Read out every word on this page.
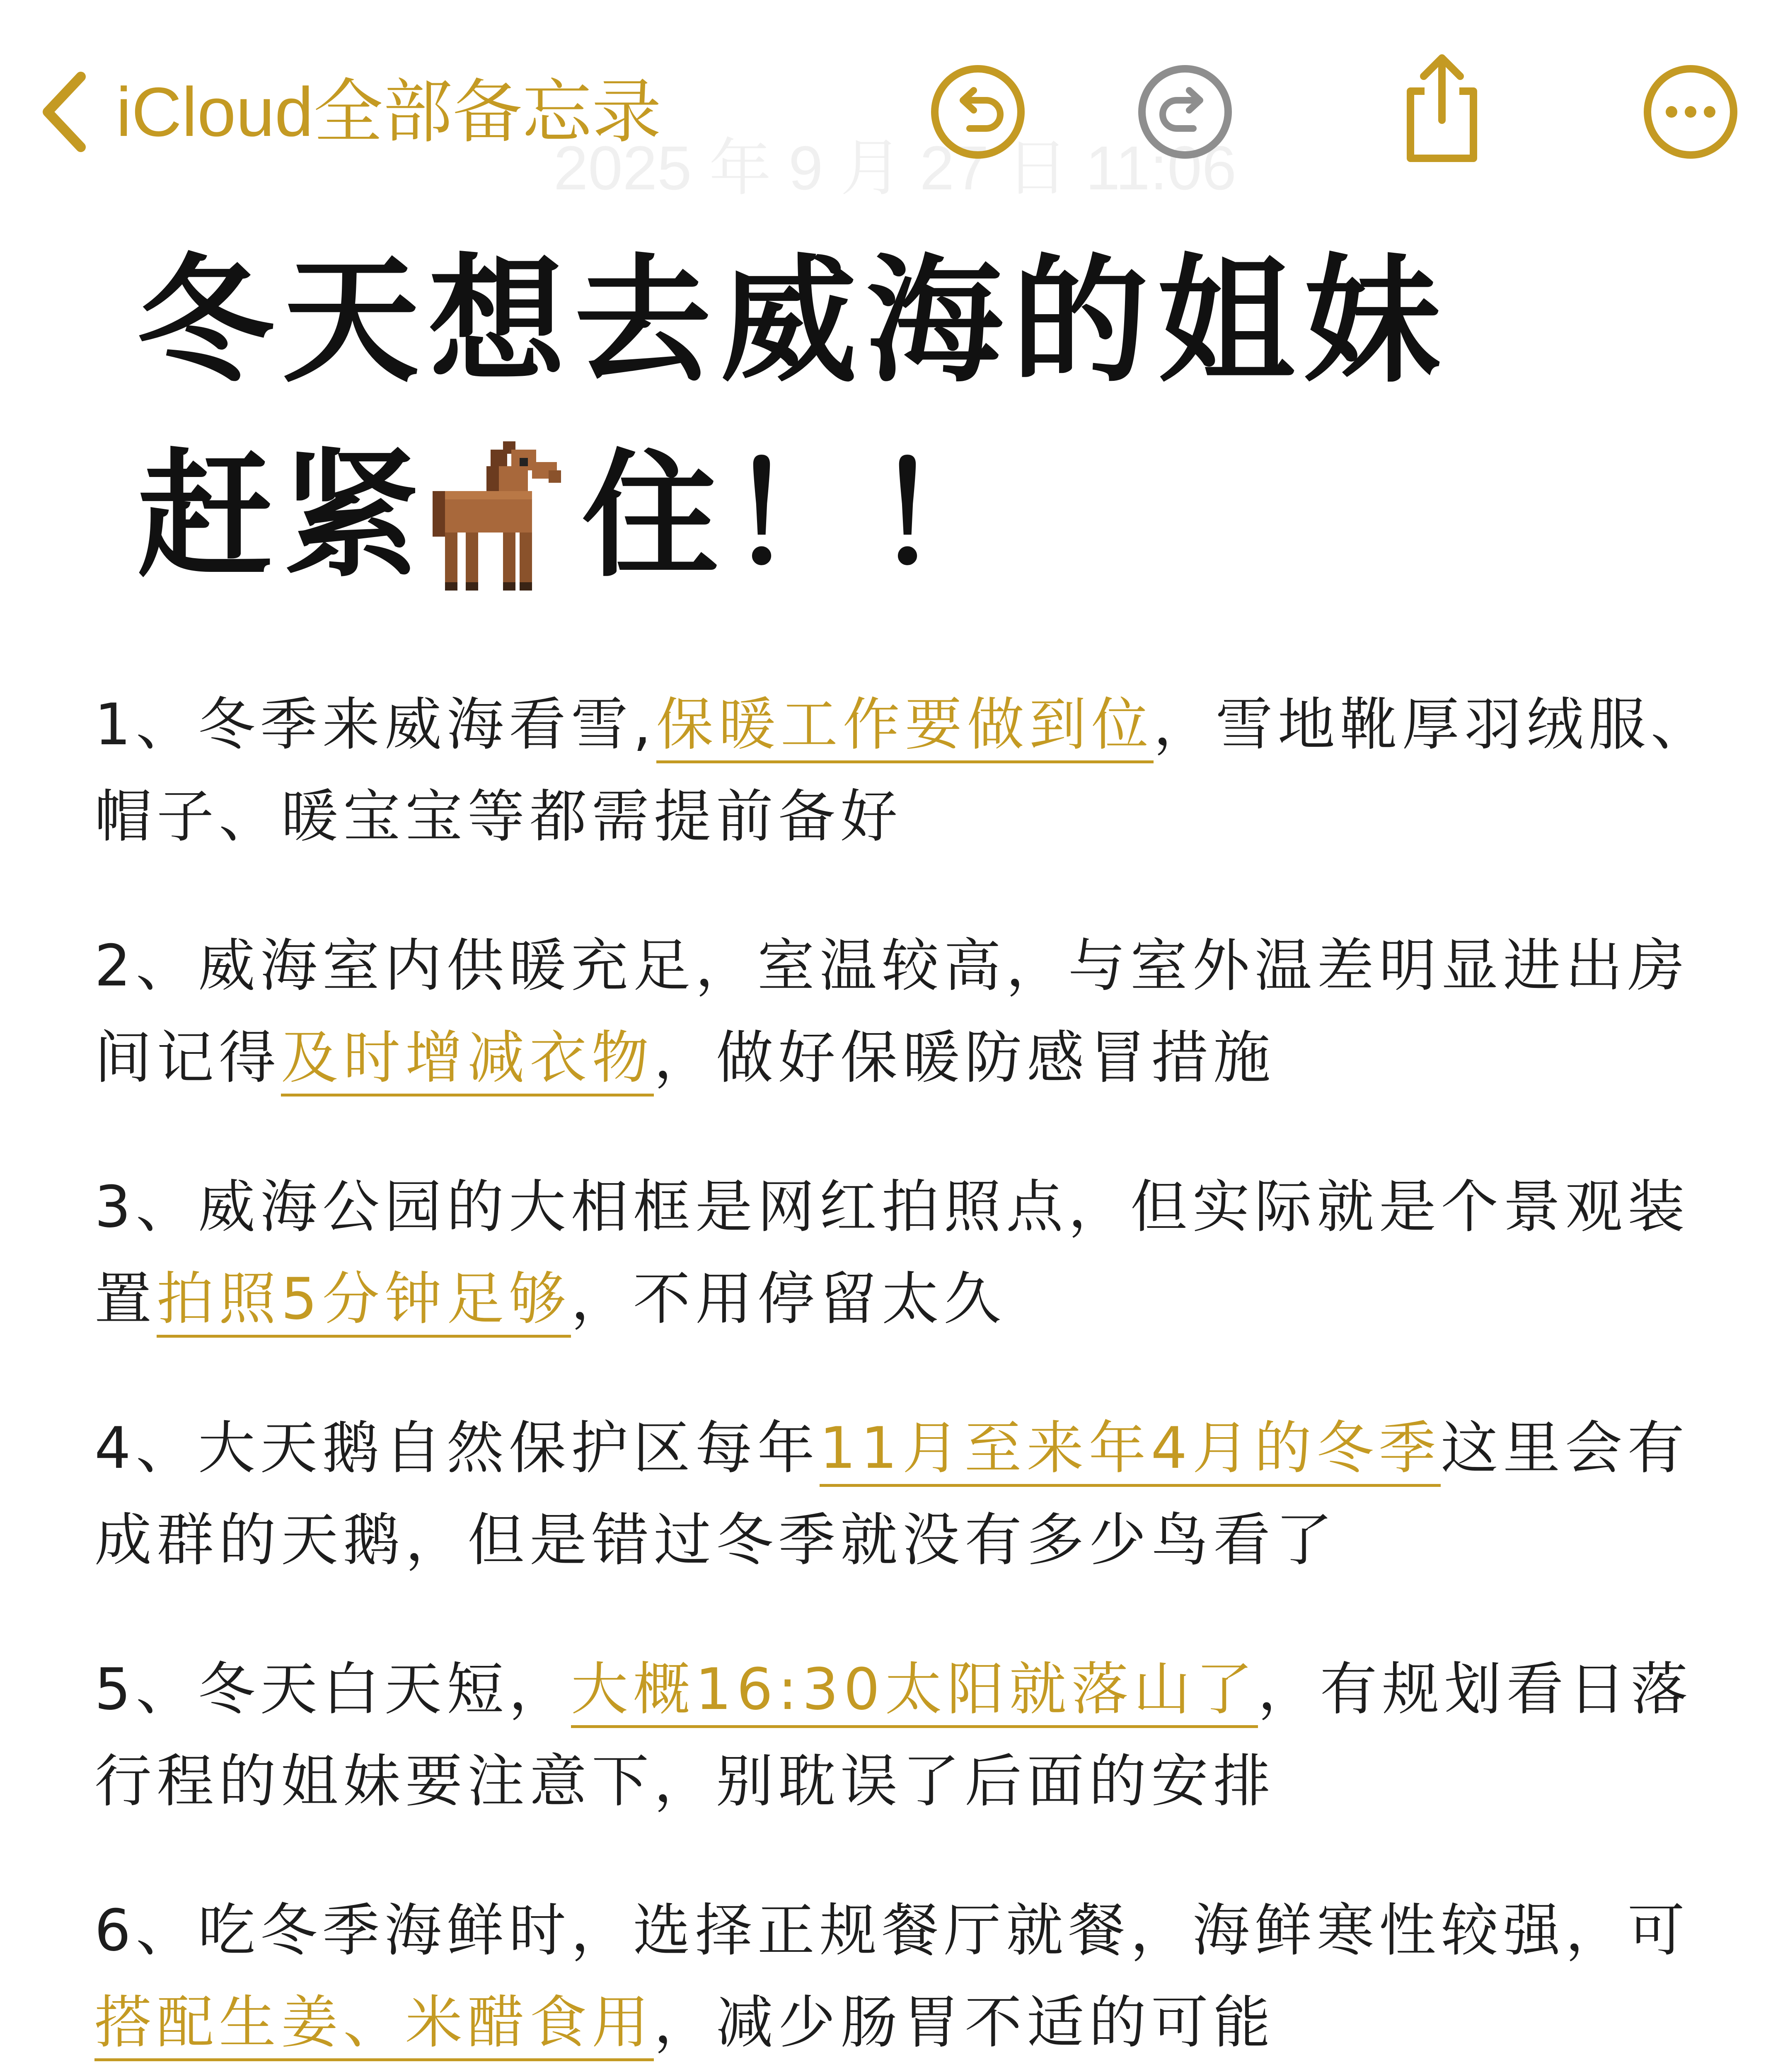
2025 年 9 月 27 日 11:06
iCloud全部备忘录
冬天想去威海的姐妹
赶紧 住！！

1、冬季来威海看雪,保暖工作要做到位，雪地靴厚羽绒服、帽子、暖宝宝等都需提前备好

2、威海室内供暖充足，室温较高，与室外温差明显进出房间记得及时增减衣物，做好保暖防感冒措施

3、威海公园的大相框是网红拍照点，但实际就是个景观装置拍照5分钟足够，不用停留太久

4、大天鹅自然保护区每年11月至来年4月的冬季这里会有成群的天鹅，但是错过冬季就没有多少鸟看了

5、冬天白天短，大概16:30太阳就落山了，有规划看日落行程的姐妹要注意下，别耽误了后面的安排

6、吃冬季海鲜时，选择正规餐厅就餐，海鲜寒性较强，可搭配生姜、米醋食用，减少肠胃不适的可能
